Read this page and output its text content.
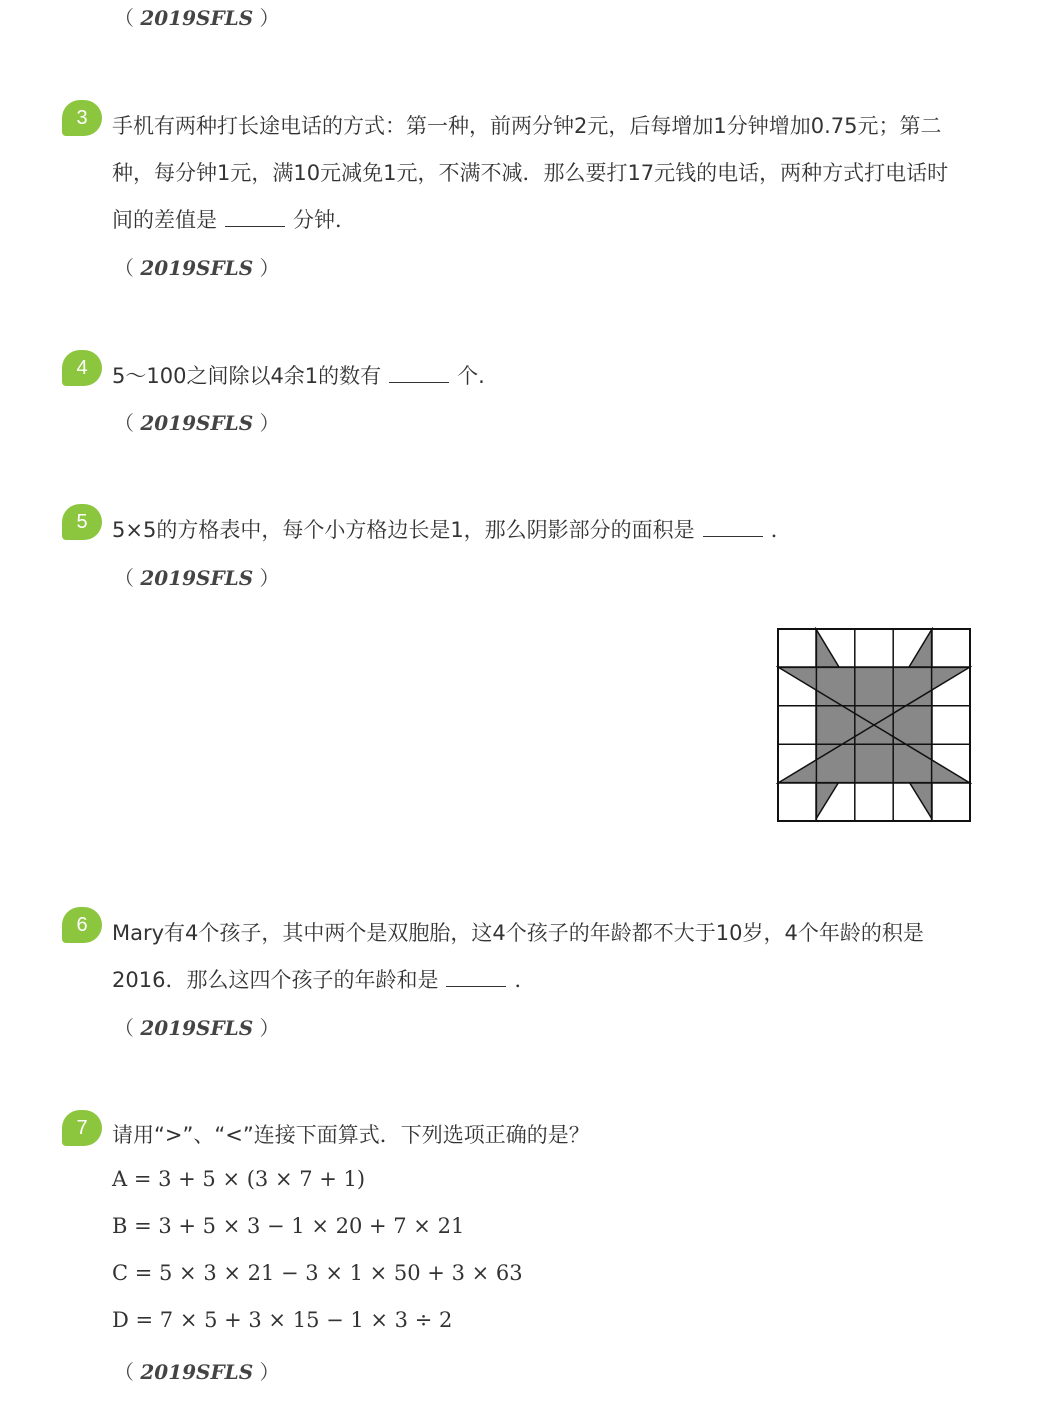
（ 2019SFLS ）
3	手机有两种打长途电话的方式：第一种，前两分钟2元，后每增加1分钟增加0.75元；第二
种，每分钟1元，满10元减免1元，不满不减．那么要打17元钱的电话，两种方式打电话时
间的差值是	分钟．
（ 2019SFLS ）
4	5～100之间除以4余1的数有	个.
（ 2019SFLS ）
5	5×5的方格表中，每个小方格边长是1，那么阴影部分的面积是	．
（ 2019SFLS ）
6	Mary有4个孩子，其中两个是双胞胎，这4个孩子的年龄都不大于10岁，4个年龄的积是
2016．那么这四个孩子的年龄和是	．
（ 2019SFLS ）
7	请用“>”、“<”连接下面算式．下列选项正确的是？
A = 3 + 5 × (3 × 7 + 1)
B = 3 + 5 × 3 − 1 × 20 + 7 × 21
C = 5 × 3 × 21 − 3 × 1 × 50 + 3 × 63
D = 7 × 5 + 3 × 15 − 1 × 3 ÷ 2
（ 2019SFLS ）
